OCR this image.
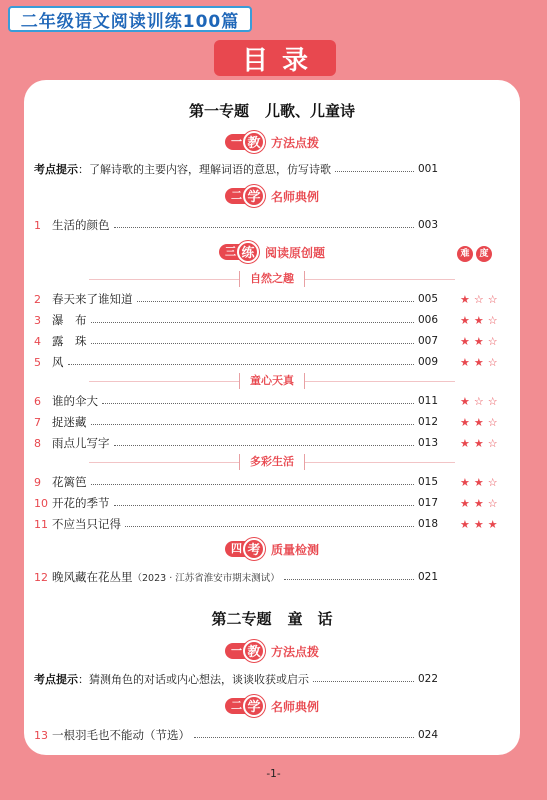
二年级语文阅读训练100篇
目录
第一专题 儿歌、儿童诗
一 教 方法点拨
考点提示：了解诗歌的主要内容，理解词语的意思，仿写诗歌	001
二 学 名师典例
1 生活的颜色	003
三 练 阅读原创题	难	度
自然之趣
2 春天来了谁知道	005	★☆☆
3 瀑　布	006	★★☆
4 露　珠	007	★★☆
5 风	009	★★☆
童心天真
6 谁的伞大	011	★☆☆
7 捉迷藏	012	★★☆
8 雨点儿写字	013	★★☆
多彩生活
9 花篱笆	015	★★☆
10 开花的季节	017	★★☆
11 不应当只记得	018	★★★
四 考 质量检测
12 晚风藏在花丛里 （2023 · 江苏省淮安市期末测试）	021
第二专题 童　话
一 教 方法点拨
考点提示：猜测角色的对话或内心想法，谈谈收获或启示	022
二 学 名师典例
13 一根羽毛也不能动（节选）	024
-1-
